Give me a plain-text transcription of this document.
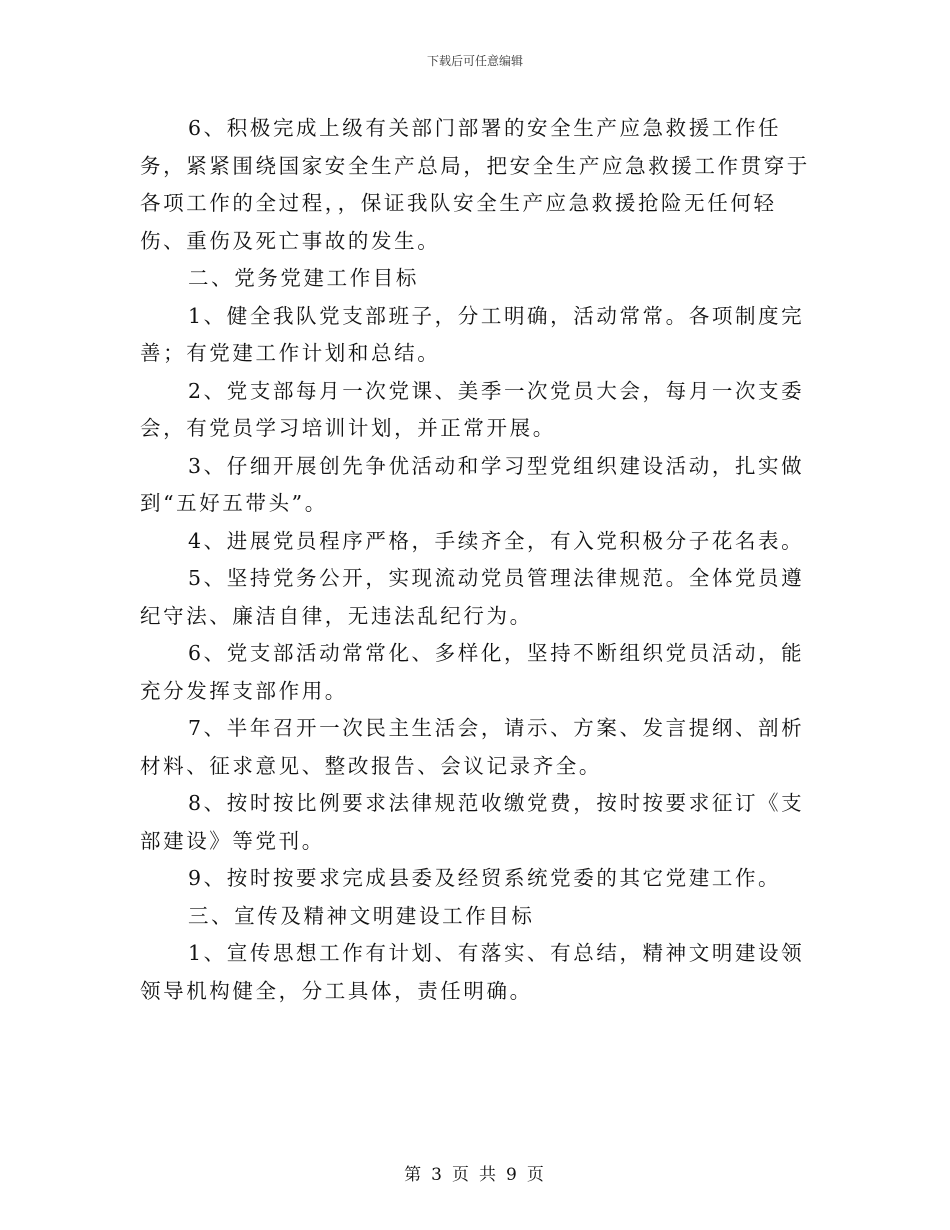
下载后可任意编辑

6、积极完成上级有关部门部署的安全生产应急救援工作任务，紧紧围绕国家安全生产总局，把安全生产应急救援工作贯穿于各项工作的全过程，，保证我队安全生产应急救援抢险无任何轻伤、重伤及死亡事故的发生。

二、党务党建工作目标

1、健全我队党支部班子，分工明确，活动常常。各项制度完善；有党建工作计划和总结。

2、党支部每月一次党课、美季一次党员大会，每月一次支委会，有党员学习培训计划，并正常开展。

3、仔细开展创先争优活动和学习型党组织建设活动，扎实做到“五好五带头”。

4、进展党员程序严格，手续齐全，有入党积极分子花名表。

5、坚持党务公开，实现流动党员管理法律规范。全体党员遵纪守法、廉洁自律，无违法乱纪行为。

6、党支部活动常常化、多样化，坚持不断组织党员活动，能充分发挥支部作用。

7、半年召开一次民主生活会，请示、方案、发言提纲、剖析材料、征求意见、整改报告、会议记录齐全。

8、按时按比例要求法律规范收缴党费，按时按要求征订《支部建设》等党刊。

9、按时按要求完成县委及经贸系统党委的其它党建工作。

三、宣传及精神文明建设工作目标

1、宣传思想工作有计划、有落实、有总结，精神文明建设领领导机构健全，分工具体，责任明确。

第 3 页 共 9 页
